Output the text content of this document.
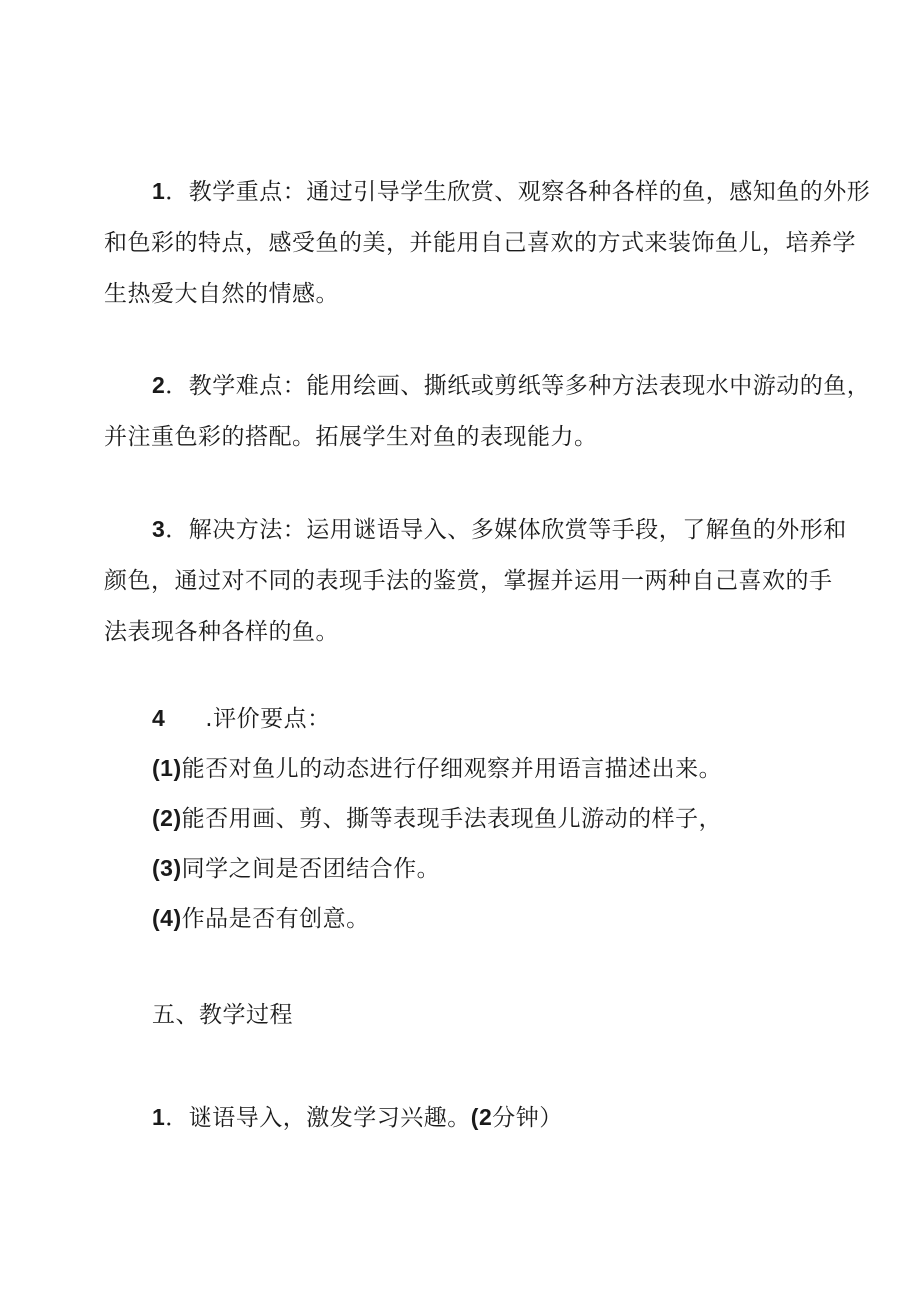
1．教学重点：通过引导学生欣赏、观察各种各样的鱼，感知鱼的外形
和色彩的特点，感受鱼的美，并能用自己喜欢的方式来装饰鱼儿，培养学
生热爱大自然的情感。
2．教学难点：能用绘画、撕纸或剪纸等多种方法表现水中游动的鱼，
并注重色彩的搭配。拓展学生对鱼的表现能力。
3．解决方法：运用谜语导入、多媒体欣赏等手段，了解鱼的外形和
颜色，通过对不同的表现手法的鉴赏，掌握并运用一两种自己喜欢的手
法表现各种各样的鱼。
4 .评价要点：
(1)能否对鱼儿的动态进行仔细观察并用语言描述出来。
(2)能否用画、剪、撕等表现手法表现鱼儿游动的样子，
(3)同学之间是否团结合作。
(4)作品是否有创意。
五、教学过程
1．谜语导入，激发学习兴趣。(2分钟）
